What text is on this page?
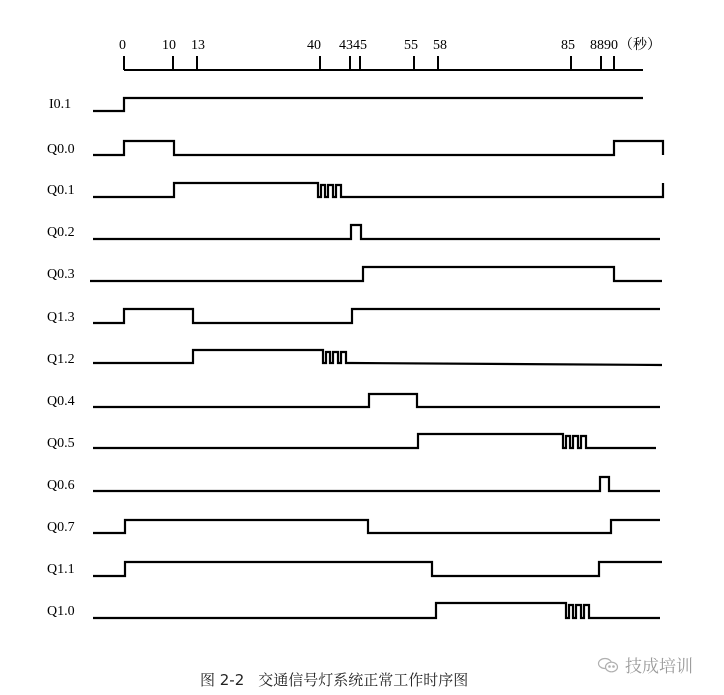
0	10 13	40 43 45	55 58	85 88 90 （秒）
I0.1
Q0.0
Q0.1
Q0.2
Q0.3
Q1.3
Q1.2
Q0.4
Q0.5
Q0.6
Q0.7
Q1.1
Q1.0
图 2-2 交通信号灯系统正常工作时序图
技成培训
